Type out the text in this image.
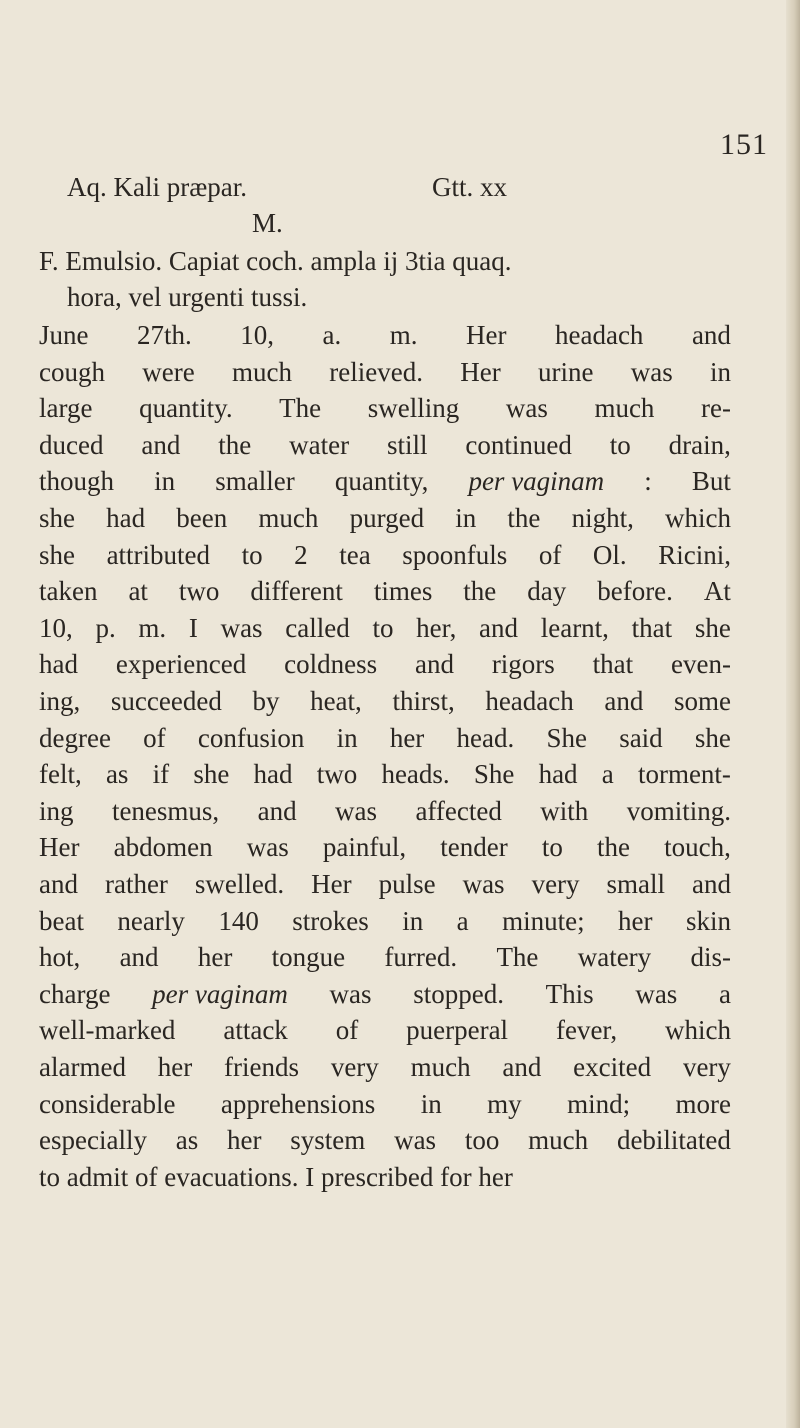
151
Aq. Kali præpar.	Gtt. xx
M.
F. Emulsio. Capiat coch. ampla ij 3tia quaq.
hora, vel urgenti tussi.
June 27th. 10, a. m. Her headach and
cough were much relieved. Her urine was in
large quantity. The swelling was much re-
duced and the water still continued to drain,
though in smaller quantity, per vaginam : But
she had been much purged in the night, which
she attributed to 2 tea spoonfuls of Ol. Ricini,
taken at two different times the day before. At
10, p. m. I was called to her, and learnt, that she
had experienced coldness and rigors that even-
ing, succeeded by heat, thirst, headach and some
degree of confusion in her head. She said she
felt, as if she had two heads. She had a torment-
ing tenesmus, and was affected with vomiting.
Her abdomen was painful, tender to the touch,
and rather swelled. Her pulse was very small and
beat nearly 140 strokes in a minute; her skin
hot, and her tongue furred. The watery dis-
charge per vaginam was stopped. This was a
well-marked attack of puerperal fever, which
alarmed her friends very much and excited very
considerable apprehensions in my mind; more
especially as her system was too much debilitated
to admit of evacuations. I prescribed for her
